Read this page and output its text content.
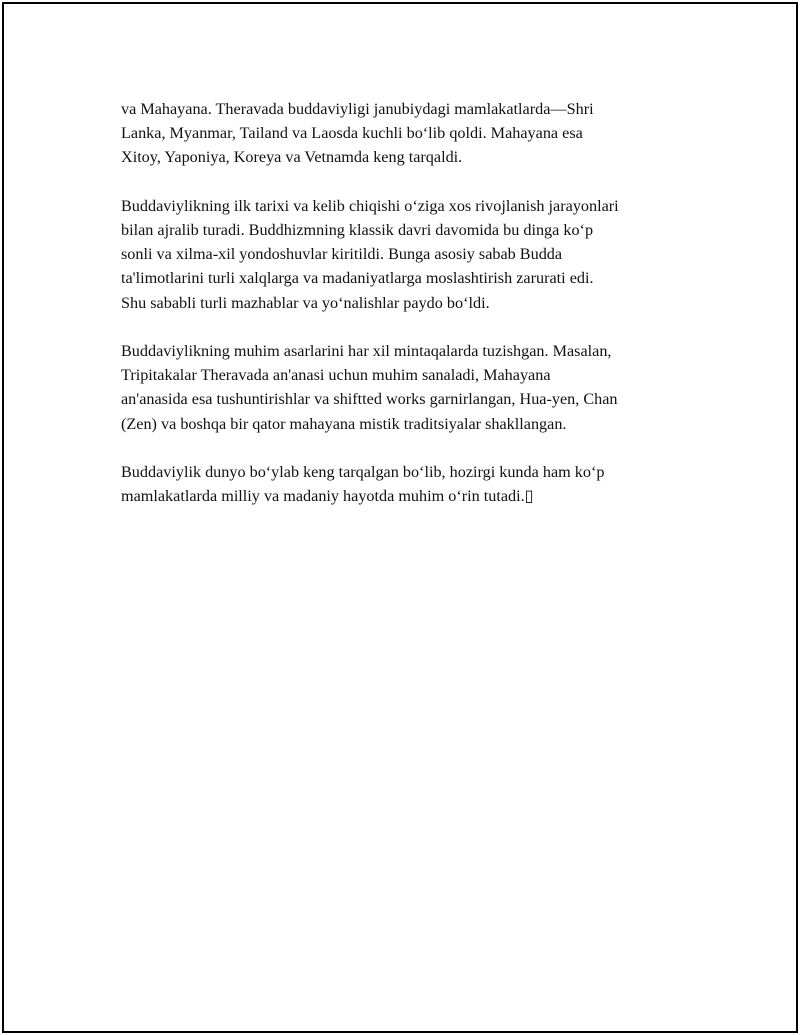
va Mahayana. Theravada buddaviyligi janubiydagi mamlakatlarda—Shri
Lanka, Myanmar, Tailand va Laosda kuchli bo‘lib qoldi. Mahayana esa
Xitoy, Yaponiya, Koreya va Vetnamda keng tarqaldi.

Buddaviylikning ilk tarixi va kelib chiqishi o‘ziga xos rivojlanish jarayonlari
bilan ajralib turadi. Buddhizmning klassik davri davomida bu dinga ko‘p
sonli va xilma-xil yondoshuvlar kiritildi. Bunga asosiy sabab Budda
ta'limotlarini turli xalqlarga va madaniyatlarga moslashtirish zarurati edi.
Shu sababli turli mazhablar va yo‘nalishlar paydo bo‘ldi.

Buddaviylikning muhim asarlarini har xil mintaqalarda tuzishgan. Masalan,
Tripitakalar Theravada an'anasi uchun muhim sanaladi, Mahayana
an'anasida esa tushuntirishlar va shiftted works garnirlangan, Hua-yen, Chan
(Zen) va boshqa bir qator mahayana mistik traditsiyalar shakllangan.

Buddaviylik dunyo bo‘ylab keng tarqalgan bo‘lib, hozirgi kunda ham ko‘p
mamlakatlarda milliy va madaniy hayotda muhim o‘rin tutadi.▯
